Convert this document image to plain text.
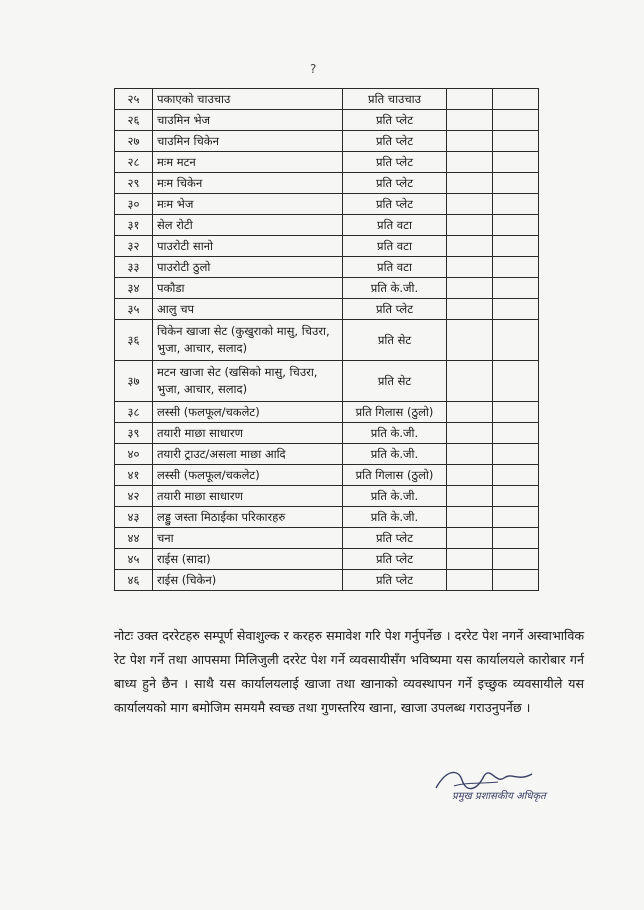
?
२५	पकाएको चाउचाउ	प्रति चाउचाउ		
२६	चाउमिन भेज	प्रति प्लेट		
२७	चाउमिन चिकेन	प्रति प्लेट		
२८	मःम मटन	प्रति प्लेट		
२९	मःम चिकेन	प्रति प्लेट		
३०	मःम भेज	प्रति प्लेट		
३१	सेल रोटी	प्रति वटा		
३२	पाउरोटी सानो	प्रति वटा		
३३	पाउरोटी ठुलो	प्रति वटा		
३४	पकौडा	प्रति के.जी.		
३५	आलु चप	प्रति प्लेट		
३६	चिकेन खाजा सेट (कुखुराको मासु, चिउरा, भुजा, आचार, सलाद)	प्रति सेट		
३७	मटन खाजा सेट (खसिको मासु, चिउरा, भुजा, आचार, सलाद)	प्रति सेट		
३८	लस्सी (फलफूल/चकलेट)	प्रति गिलास (ठुलो)		
३९	तयारी माछा साधारण	प्रति के.जी.		
४०	तयारी ट्राउट/असला माछा आदि	प्रति के.जी.		
४१	लस्सी (फलफूल/चकलेट)	प्रति गिलास (ठुलो)		
४२	तयारी माछा साधारण	प्रति के.जी.		
४३	लड्डु जस्ता मिठाईका परिकारहरु	प्रति के.जी.		
४४	चना	प्रति प्लेट		
४५	राईस (सादा)	प्रति प्लेट		
४६	राईस (चिकेन)	प्रति प्लेट		
नोटः उक्त दररेटहरु सम्पूर्ण सेवाशुल्क र करहरु समावेश गरि पेश गर्नुपर्नेछ । दररेट पेश नगर्ने अस्वाभाविक रेट पेश गर्ने तथा आपसमा मिलिजुली दररेट पेश गर्ने व्यवसायीसँग भविष्यमा यस कार्यालयले कारोबार गर्न बाध्य हुने छैन । साथै यस कार्यालयलाई खाजा तथा खानाको व्यवस्थापन गर्ने इच्छुक व्यवसायीले यस कार्यालयको माग बमोजिम समयमै स्वच्छ तथा गुणस्तरिय खाना, खाजा उपलब्ध गराउनुपर्नेछ ।
प्रमुख प्रशासकीय अधिकृत
